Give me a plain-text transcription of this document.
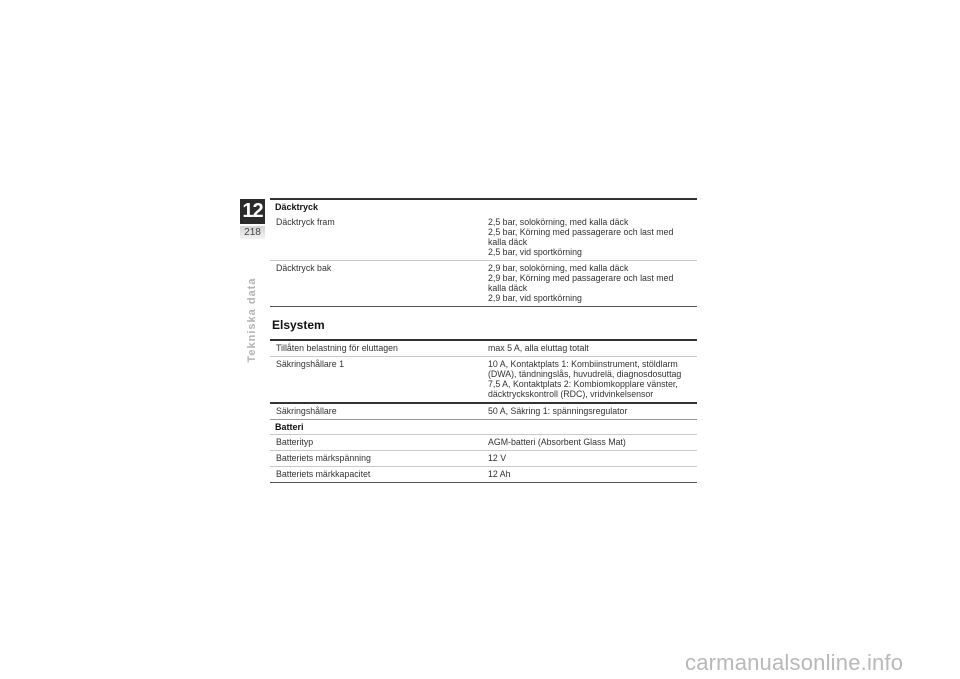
12
218
Tekniska data
Däcktryck
Däcktryck fram	2,5 bar, solokörning, med kalla däck
2,5 bar, Körning med passagerare och last med
kalla däck
2,5 bar, vid sportkörning
Däcktryck bak	2,9 bar, solokörning, med kalla däck
2,9 bar, Körning med passagerare och last med
kalla däck
2,9 bar, vid sportkörning
Elsystem
Tillåten belastning för eluttagen	max 5 A, alla eluttag totalt
Säkringshållare 1	10 A, Kontaktplats 1: Kombiinstrument, stöldlarm
(DWA), tändningslås, huvudrelä, diagnosdosuttag
7,5 A, Kontaktplats 2: Kombiomkopplare vänster,
däcktryckskontroll (RDC), vridvinkelsensor
Säkringshållare	50 A, Säkring 1: spänningsregulator
Batteri
Batterityp	AGM-batteri (Absorbent Glass Mat)
Batteriets märkspänning	12 V
Batteriets märkkapacitet	12 Ah
carmanualsonline.info
